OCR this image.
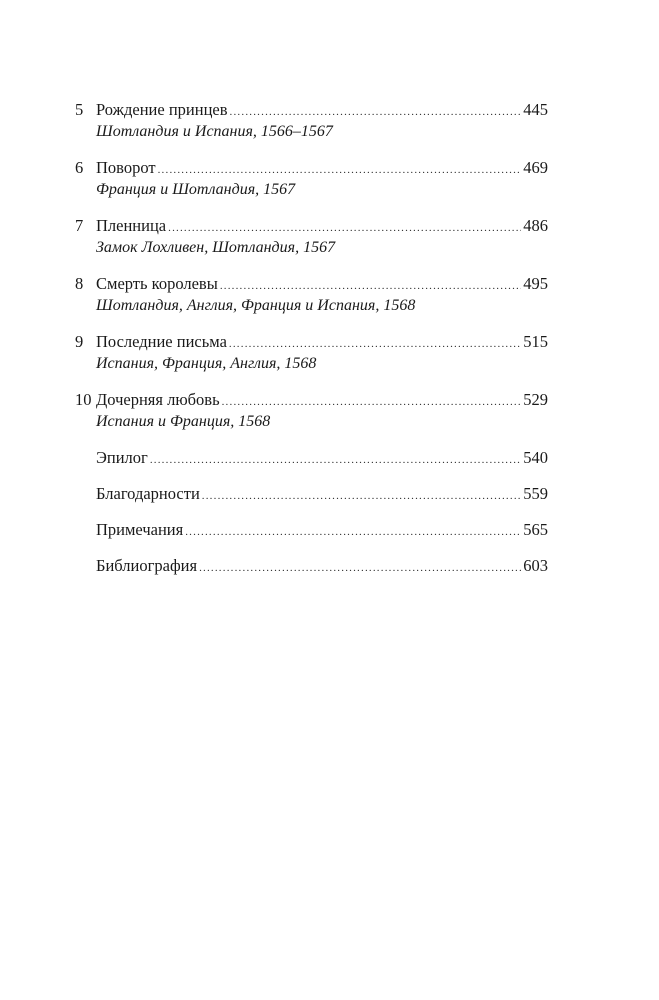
5 Рождение принцев .....	445
Шотландия и Испания, 1566–1567
6 Поворот .....	469
Франция и Шотландия, 1567
7 Пленница .....	486
Замок Лохливен, Шотландия, 1567
8 Смерть королевы .....	495
Шотландия, Англия, Франция и Испания, 1568
9 Последние письма .....	515
Испания, Франция, Англия, 1568
10 Дочерняя любовь .....	529
Испания и Франция, 1568
Эпилог .....	540
Благодарности .....	559
Примечания .....	565
Библиография .....	603
